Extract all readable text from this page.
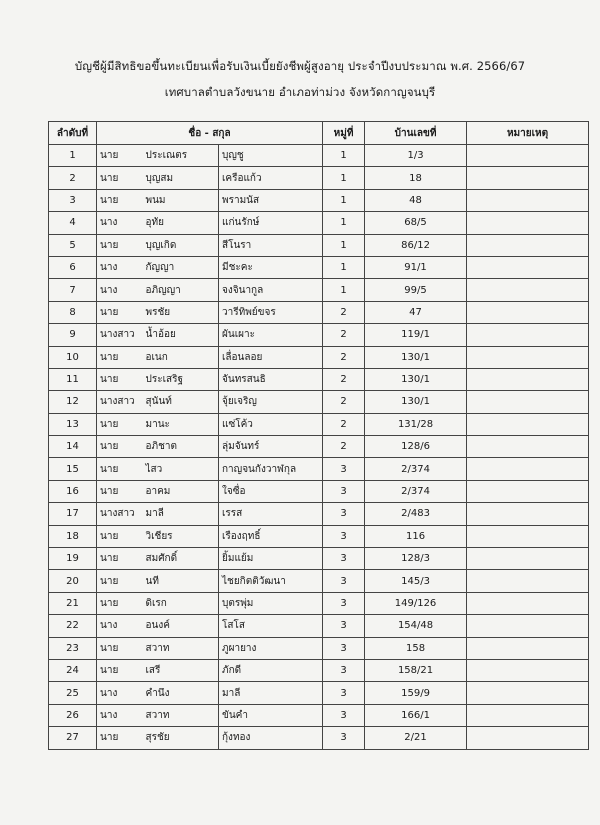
บัญชีผู้มีสิทธิขอขึ้นทะเบียนเพื่อรับเงินเบี้ยยังชีพผู้สูงอายุ ประจำปีงบประมาณ พ.ศ. 2566/67
เทศบาลตำบลวังขนาย อำเภอท่าม่วง จังหวัดกาญจนบุรี
ลำดับที่	ชื่อ - สกุล			หมู่ที่	บ้านเลขที่	หมายเหตุ
1	นาย	ประเณตร	บุญชู	1	1/3	
2	นาย	บุญสม	เครือแก้ว	1	18	
3	นาย	พนม	พรามนัส	1	48	
4	นาง	อุทัย	แก่นรักษ์	1	68/5	
5	นาย	บุญเกิด	สีโนรา	1	86/12	
6	นาง	กัญญา	มีชะคะ	1	91/1	
7	นาง	อภิญญา	จงจินากูล	1	99/5	
8	นาย	พรชัย	วารีทิพย์ขจร	2	47	
9	นางสาว	น้ำอ้อย	ผันเผาะ	2	119/1	
10	นาย	อเนก	เลื่อนลอย	2	130/1	
11	นาย	ประเสริฐ	จันทรสนธิ	2	130/1	
12	นางสาว	สุนันท์	จุ้ยเจริญ	2	130/1	
13	นาย	มานะ	แซ่โค้ว	2	131/28	
14	นาย	อภิชาต	ลุ่มจันทร์	2	128/6	
15	นาย	ไสว	กาญจนกังวาฬกุล	3	2/374	
16	นาย	อาคม	ใจซื่อ	3	2/374	
17	นางสาว	มาลี	เรรส	3	2/483	
18	นาย	วิเชียร	เรืองฤทธิ์	3	116	
19	นาย	สมศักดิ์	ยิ้มแย้ม	3	128/3	
20	นาย	นที	ไชยกิตติวัฒนา	3	145/3	
21	นาย	ดิเรก	บุตรพุ่ม	3	149/126	
22	นาง	อนงค์	โสโส	3	154/48	
23	นาย	สวาท	ภูผายาง	3	158	
24	นาย	เสรี	ภักดี	3	158/21	
25	นาง	คำนึง	มาลี	3	159/9	
26	นาง	สวาท	ขันคำ	3	166/1	
27	นาย	สุรชัย	กุ้งทอง	3	2/21	
